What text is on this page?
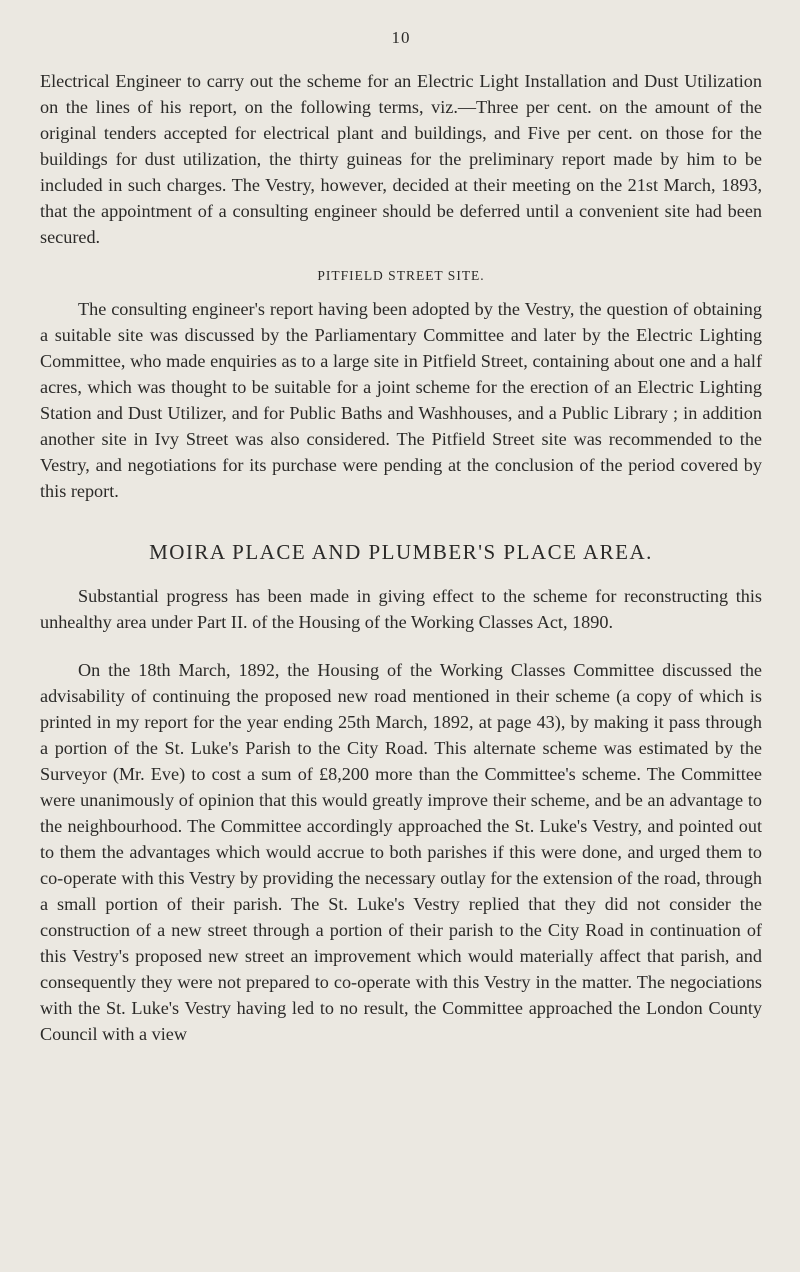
10

Electrical Engineer to carry out the scheme for an Electric Light Installation and Dust Utilization on the lines of his report, on the following terms, viz.—Three per cent. on the amount of the original tenders accepted for electrical plant and buildings, and Five per cent. on those for the buildings for dust utilization, the thirty guineas for the preliminary report made by him to be included in such charges. The Vestry, however, decided at their meeting on the 21st March, 1893, that the appointment of a consulting engineer should be deferred until a convenient site had been secured.

PITFIELD STREET SITE.

The consulting engineer's report having been adopted by the Vestry, the question of obtaining a suitable site was discussed by the Parliamentary Committee and later by the Electric Lighting Committee, who made enquiries as to a large site in Pitfield Street, containing about one and a half acres, which was thought to be suitable for a joint scheme for the erection of an Electric Lighting Station and Dust Utilizer, and for Public Baths and Washhouses, and a Public Library ; in addition another site in Ivy Street was also considered. The Pitfield Street site was recommended to the Vestry, and negotiations for its purchase were pending at the conclusion of the period covered by this report.

MOIRA PLACE AND PLUMBER'S PLACE AREA.

Substantial progress has been made in giving effect to the scheme for reconstructing this unhealthy area under Part II. of the Housing of the Working Classes Act, 1890.

On the 18th March, 1892, the Housing of the Working Classes Committee discussed the advisability of continuing the proposed new road mentioned in their scheme (a copy of which is printed in my report for the year ending 25th March, 1892, at page 43), by making it pass through a portion of the St. Luke's Parish to the City Road. This alternate scheme was estimated by the Surveyor (Mr. Eve) to cost a sum of £8,200 more than the Committee's scheme. The Committee were unanimously of opinion that this would greatly improve their scheme, and be an advantage to the neighbourhood. The Committee accordingly approached the St. Luke's Vestry, and pointed out to them the advantages which would accrue to both parishes if this were done, and urged them to co-operate with this Vestry by providing the necessary outlay for the extension of the road, through a small portion of their parish. The St. Luke's Vestry replied that they did not consider the construction of a new street through a portion of their parish to the City Road in continuation of this Vestry's proposed new street an improvement which would materially affect that parish, and consequently they were not prepared to co-operate with this Vestry in the matter. The negociations with the St. Luke's Vestry having led to no result, the Committee approached the London County Council with a view
